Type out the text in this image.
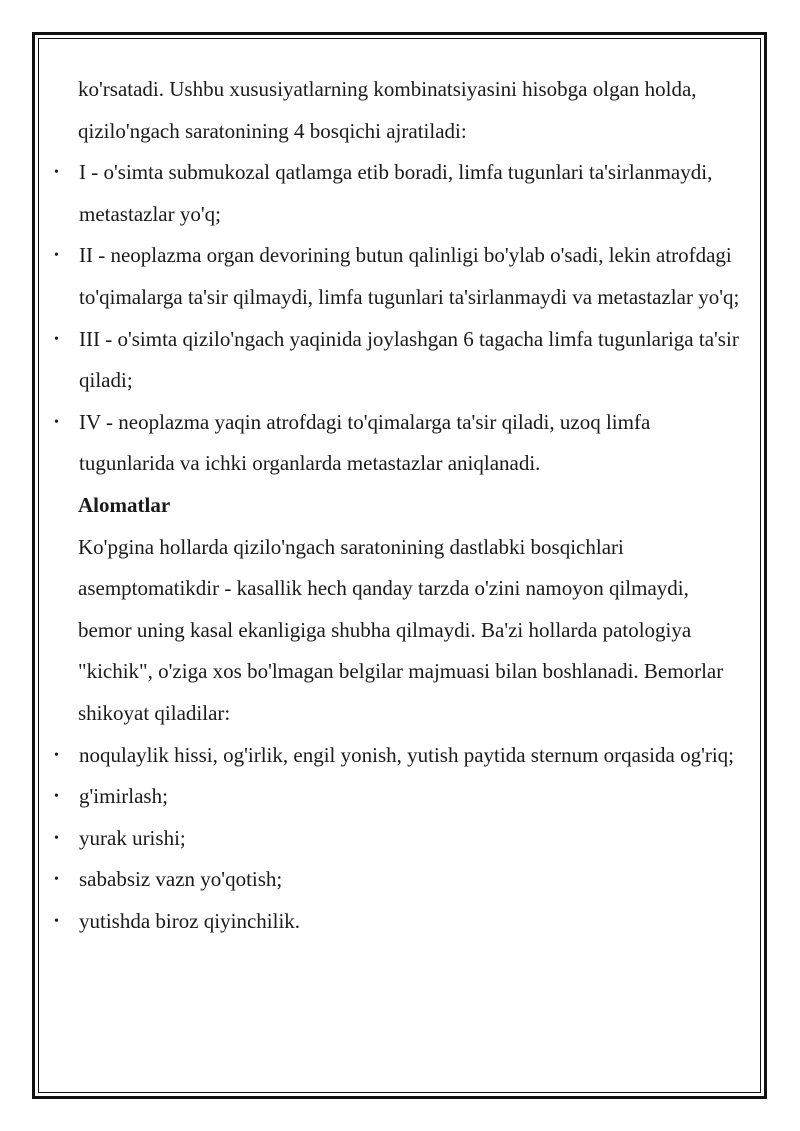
ko'rsatadi. Ushbu xususiyatlarning kombinatsiyasini hisobga olgan holda, qizilo'ngach saratonining 4 bosqichi ajratiladi:

• I - o'simta submukozal qatlamga etib boradi, limfa tugunlari ta'sirlanmaydi, metastazlar yo'q;
• II - neoplazma organ devorining butun qalinligi bo'ylab o'sadi, lekin atrofdagi to'qimalarga ta'sir qilmaydi, limfa tugunlari ta'sirlanmaydi va metastazlar yo'q;
• III - o'simta qizilo'ngach yaqinida joylashgan 6 tagacha limfa tugunlariga ta'sir qiladi;
• IV - neoplazma yaqin atrofdagi to'qimalarga ta'sir qiladi, uzoq limfa tugunlarida va ichki organlarda metastazlar aniqlanadi.

Alomatlar

Ko'pgina hollarda qizilo'ngach saratonining dastlabki bosqichlari asemptomatikdir - kasallik hech qanday tarzda o'zini namoyon qilmaydi, bemor uning kasal ekanligiga shubha qilmaydi. Ba'zi hollarda patologiya "kichik", o'ziga xos bo'lmagan belgilar majmuasi bilan boshlanadi. Bemorlar shikoyat qiladilar:

• noqulaylik hissi, og'irlik, engil yonish, yutish paytida sternum orqasida og'riq;
• g'imirlash;
• yurak urishi;
• sababsiz vazn yo'qotish;
• yutishda biroz qiyinchilik.
